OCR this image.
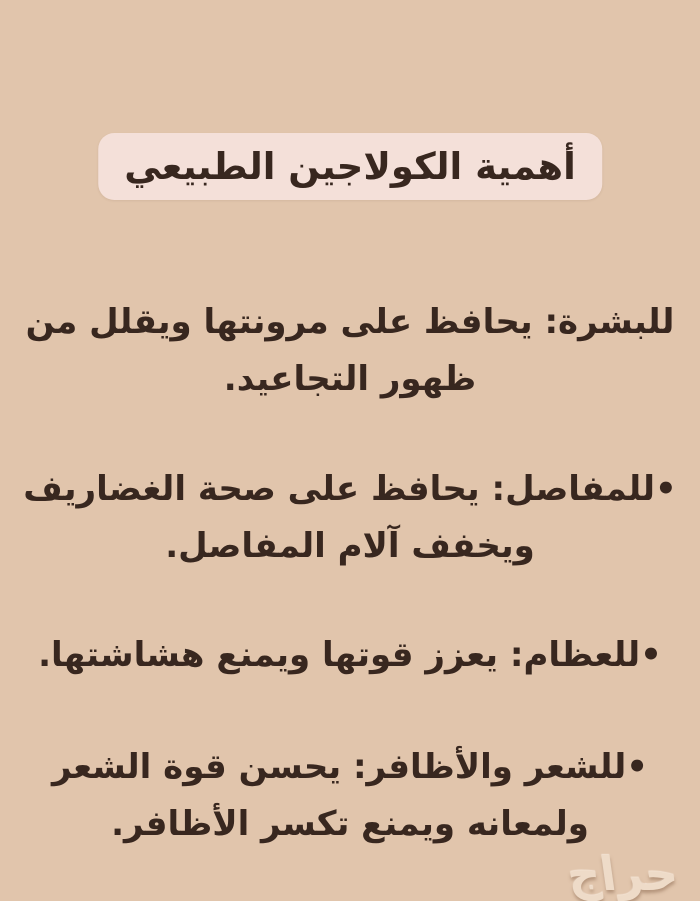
أهمية الكولاجين الطبيعي
للبشرة: يحافظ على مرونتها ويقلل من
ظهور التجاعيد.
•للمفاصل: يحافظ على صحة الغضاريف
ويخفف آلام المفاصل.
•للعظام: يعزز قوتها ويمنع هشاشتها.
•للشعر والأظافر: يحسن قوة الشعر
ولمعانه ويمنع تكسر الأظافر.
حراج
